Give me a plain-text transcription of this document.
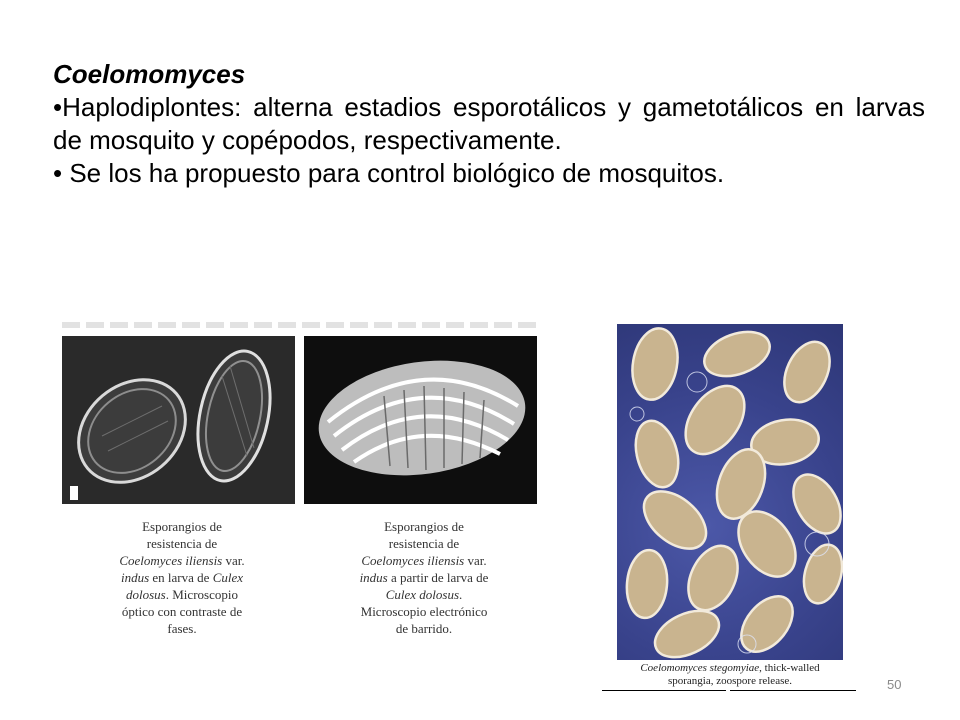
Coelomomyces
•Haplodiplontes: alterna estadios esporotálicos y gametotálicos en larvas de mosquito y copépodos, respectivamente.
• Se los ha propuesto para control biológico de mosquitos.
Esporangios de
resistencia de
Coelomyces iliensis var.
indus en larva de Culex
dolosus. Microscopio
óptico con contraste de
fases.
Esporangios de
resistencia de
Coelomyces iliensis var.
indus a partir de larva de
Culex dolosus.
Microscopio electrónico
de barrido.
Coelomomyces stegomyiae, thick-walled sporangia, zoospore release.	50
